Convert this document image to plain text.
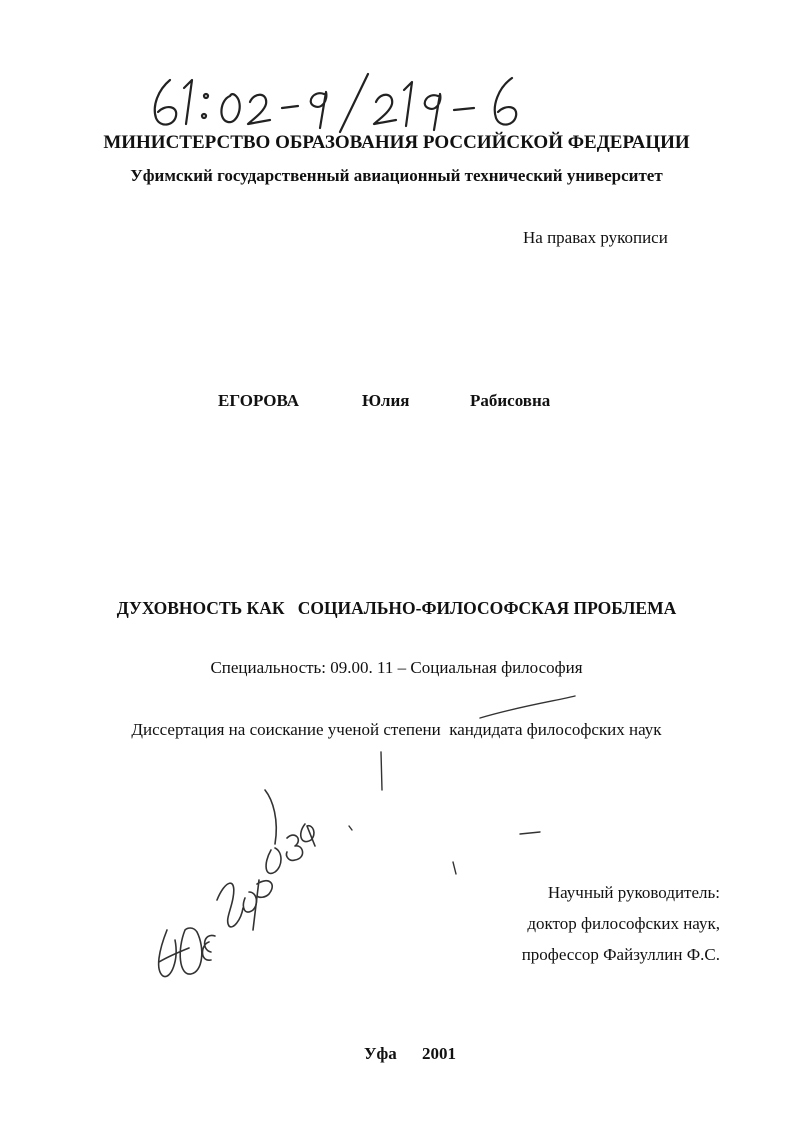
МИНИСТЕРСТВО ОБРАЗОВАНИЯ РОССИЙСКОЙ ФЕДЕРАЦИИ
Уфимский государственный авиационный технический университет
На правах рукописи
ЕГОРОВА	Юлия	Рабисовна
ДУХОВНОСТЬ КАК   СОЦИАЛЬНО-ФИЛОСОФСКАЯ ПРОБЛЕМА
Специальность: 09.00. 11 – Социальная философия
Диссертация на соискание ученой степени  кандидата философских наук
Научный руководитель:
доктор философских наук,
профессор Файзуллин Ф.С.
Уфа 2001
